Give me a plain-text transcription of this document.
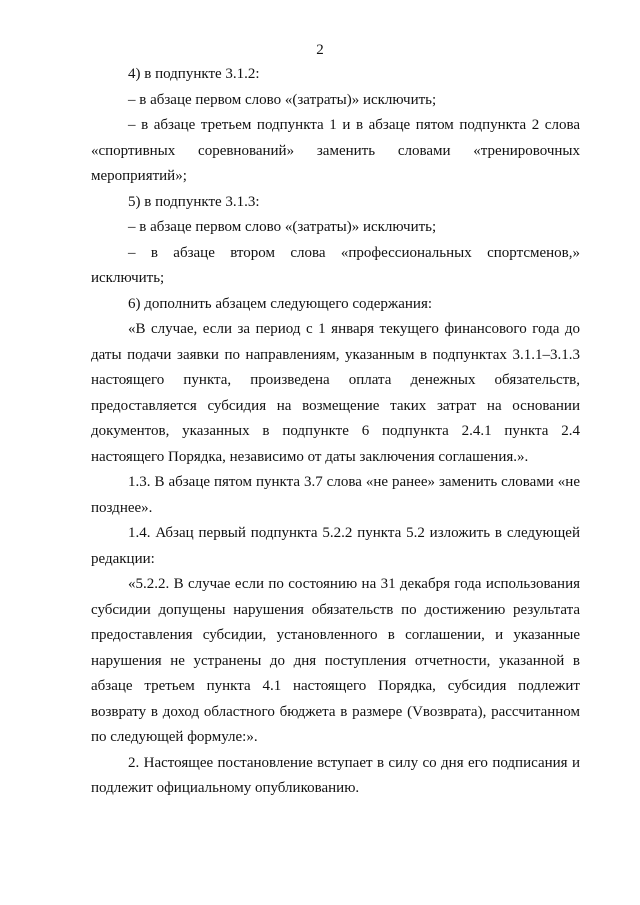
2

4) в подпункте 3.1.2:

– в абзаце первом слово «(затраты)» исключить;

– в абзаце третьем подпункта 1 и в абзаце пятом подпункта 2 слова «спортивных соревнований» заменить словами «тренировочных мероприятий»;

5) в подпункте 3.1.3:

– в абзаце первом слово «(затраты)» исключить;

– в абзаце втором слова «профессиональных спортсменов,» исключить;

6) дополнить абзацем следующего содержания:

«В случае, если за период с 1 января текущего финансового года до даты подачи заявки по направлениям, указанным в подпунктах 3.1.1–3.1.3 настоящего пункта, произведена оплата денежных обязательств, предоставляется субсидия на возмещение таких затрат на основании документов, указанных в подпункте 6 подпункта 2.4.1 пункта 2.4 настоящего Порядка, независимо от даты заключения соглашения.».

1.3. В абзаце пятом пункта 3.7 слова «не ранее» заменить словами «не позднее».

1.4. Абзац первый подпункта 5.2.2 пункта 5.2 изложить в следующей редакции:

«5.2.2. В случае если по состоянию на 31 декабря года использования субсидии допущены нарушения обязательств по достижению результата предоставления субсидии, установленного в соглашении, и указанные нарушения не устранены до дня поступления отчетности, указанной в абзаце третьем пункта 4.1 настоящего Порядка, субсидия подлежит возврату в доход областного бюджета в размере (Vвозврата), рассчитанном по следующей формуле:».

2. Настоящее постановление вступает в силу со дня его подписания и подлежит официальному опубликованию.
